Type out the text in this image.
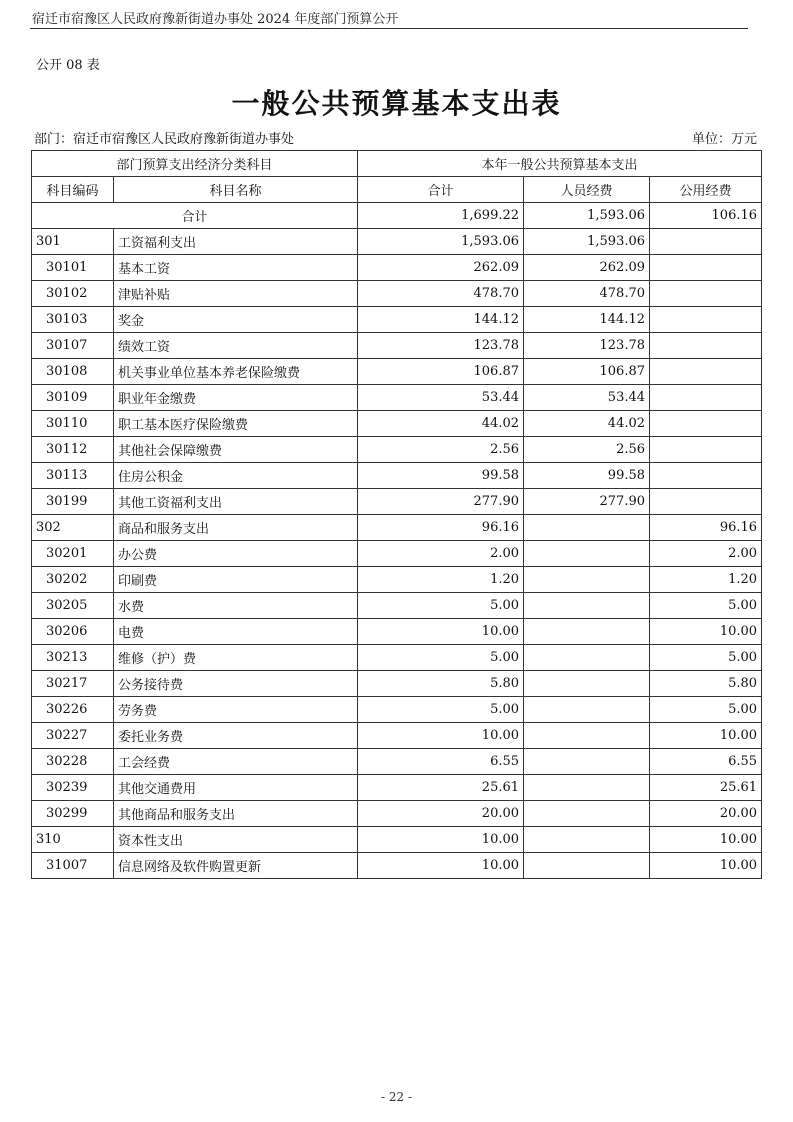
宿迁市宿豫区人民政府豫新街道办事处 2024 年度部门预算公开
公开 08 表
一般公共预算基本支出表
部门：宿迁市宿豫区人民政府豫新街道办事处	单位：万元
部门预算支出经济分类科目		本年一般公共预算基本支出		
科目编码	科目名称	合计	人员经费	公用经费
合计		1,699.22	1,593.06	106.16
301	工资福利支出	1,593.06	1,593.06	
30101	基本工资	262.09	262.09	
30102	津贴补贴	478.70	478.70	
30103	奖金	144.12	144.12	
30107	绩效工资	123.78	123.78	
30108	机关事业单位基本养老保险缴费	106.87	106.87	
30109	职业年金缴费	53.44	53.44	
30110	职工基本医疗保险缴费	44.02	44.02	
30112	其他社会保障缴费	2.56	2.56	
30113	住房公积金	99.58	99.58	
30199	其他工资福利支出	277.90	277.90	
302	商品和服务支出	96.16		96.16
30201	办公费	2.00		2.00
30202	印刷费	1.20		1.20
30205	水费	5.00		5.00
30206	电费	10.00		10.00
30213	维修（护）费	5.00		5.00
30217	公务接待费	5.80		5.80
30226	劳务费	5.00		5.00
30227	委托业务费	10.00		10.00
30228	工会经费	6.55		6.55
30239	其他交通费用	25.61		25.61
30299	其他商品和服务支出	20.00		20.00
310	资本性支出	10.00		10.00
31007	信息网络及软件购置更新	10.00		10.00
- 22 -
